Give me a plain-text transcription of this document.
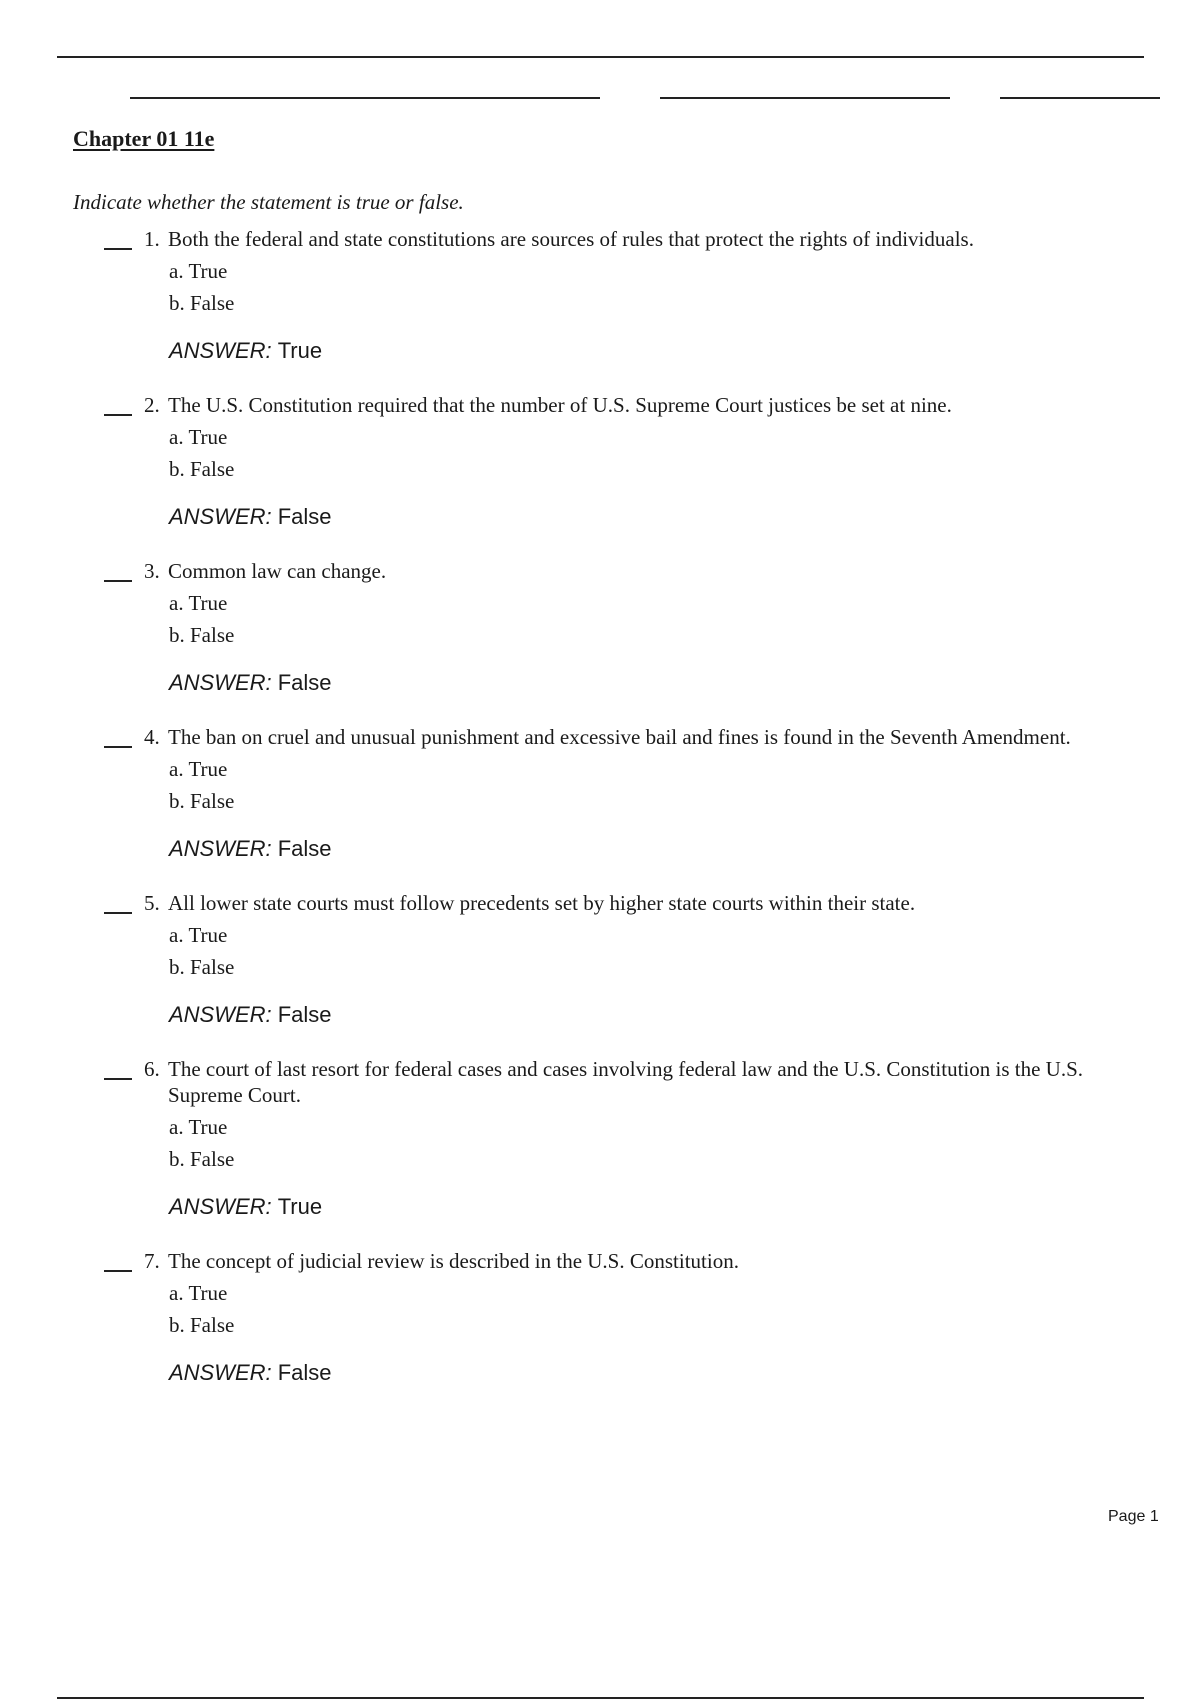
Chapter 01 11e

Indicate whether the statement is true or false.

1. Both the federal and state constitutions are sources of rules that protect the rights of individuals.
a. True
b. False
ANSWER: True
2. The U.S. Constitution required that the number of U.S. Supreme Court justices be set at nine.
a. True
b. False
ANSWER: False
3. Common law can change.
a. True
b. False
ANSWER: False
4. The ban on cruel and unusual punishment and excessive bail and fines is found in the Seventh Amendment.
a. True
b. False
ANSWER: False
5. All lower state courts must follow precedents set by higher state courts within their state.
a. True
b. False
ANSWER: False
6. The court of last resort for federal cases and cases involving federal law and the U.S. Constitution is the U.S. Supreme Court.
a. True
b. False
ANSWER: True
7. The concept of judicial review is described in the U.S. Constitution.
a. True
b. False
ANSWER: False
Page 1
